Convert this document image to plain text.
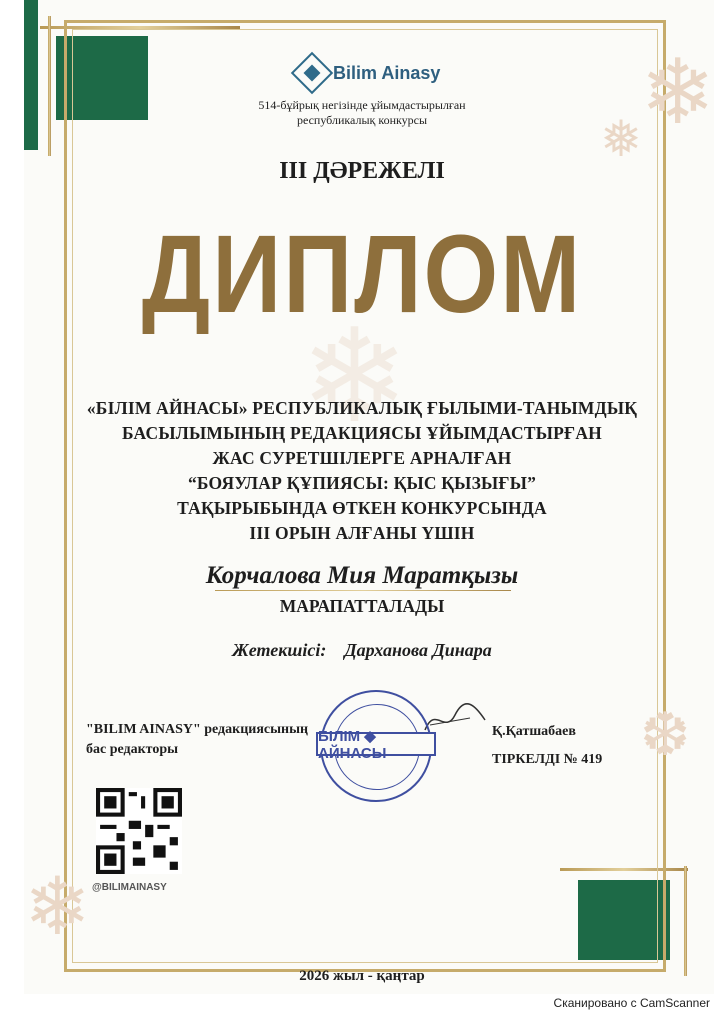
❄
❅
❄
❆
❄
Bilim Ainasy
514-бұйрық негізінде ұйымдастырылған
республикалық конкурсы
III ДӘРЕЖЕЛІ
ДИПЛОМ
«БІЛІМ АЙНАСЫ» РЕСПУБЛИКАЛЫҚ ҒЫЛЫМИ-ТАНЫМДЫҚ
БАСЫЛЫМЫНЫҢ РЕДАКЦИЯСЫ ҰЙЫМДАСТЫРҒАН
ЖАС СУРЕТШІЛЕРГЕ АРНАЛҒАН
“БОЯУЛАР ҚҰПИЯСЫ: ҚЫС ҚЫЗЫҒЫ”
ТАҚЫРЫБЫНДА ӨТКЕН КОНКУРСЫНДА
III ОРЫН АЛҒАНЫ ҮШІН
Корчалова Мия Маратқызы
МАРАПАТТАЛАДЫ
Жетекшісі: Дарханова Динара
"BILIM AINASY" редакциясының
бас редакторы
Қ.Қатшабаев
ТІРКЕЛДІ № 419
БІЛІМ ◆ АЙНАСЫ
@BILIMAINASY
2026 жыл - қаңтар
Сканировано с CamScanner
